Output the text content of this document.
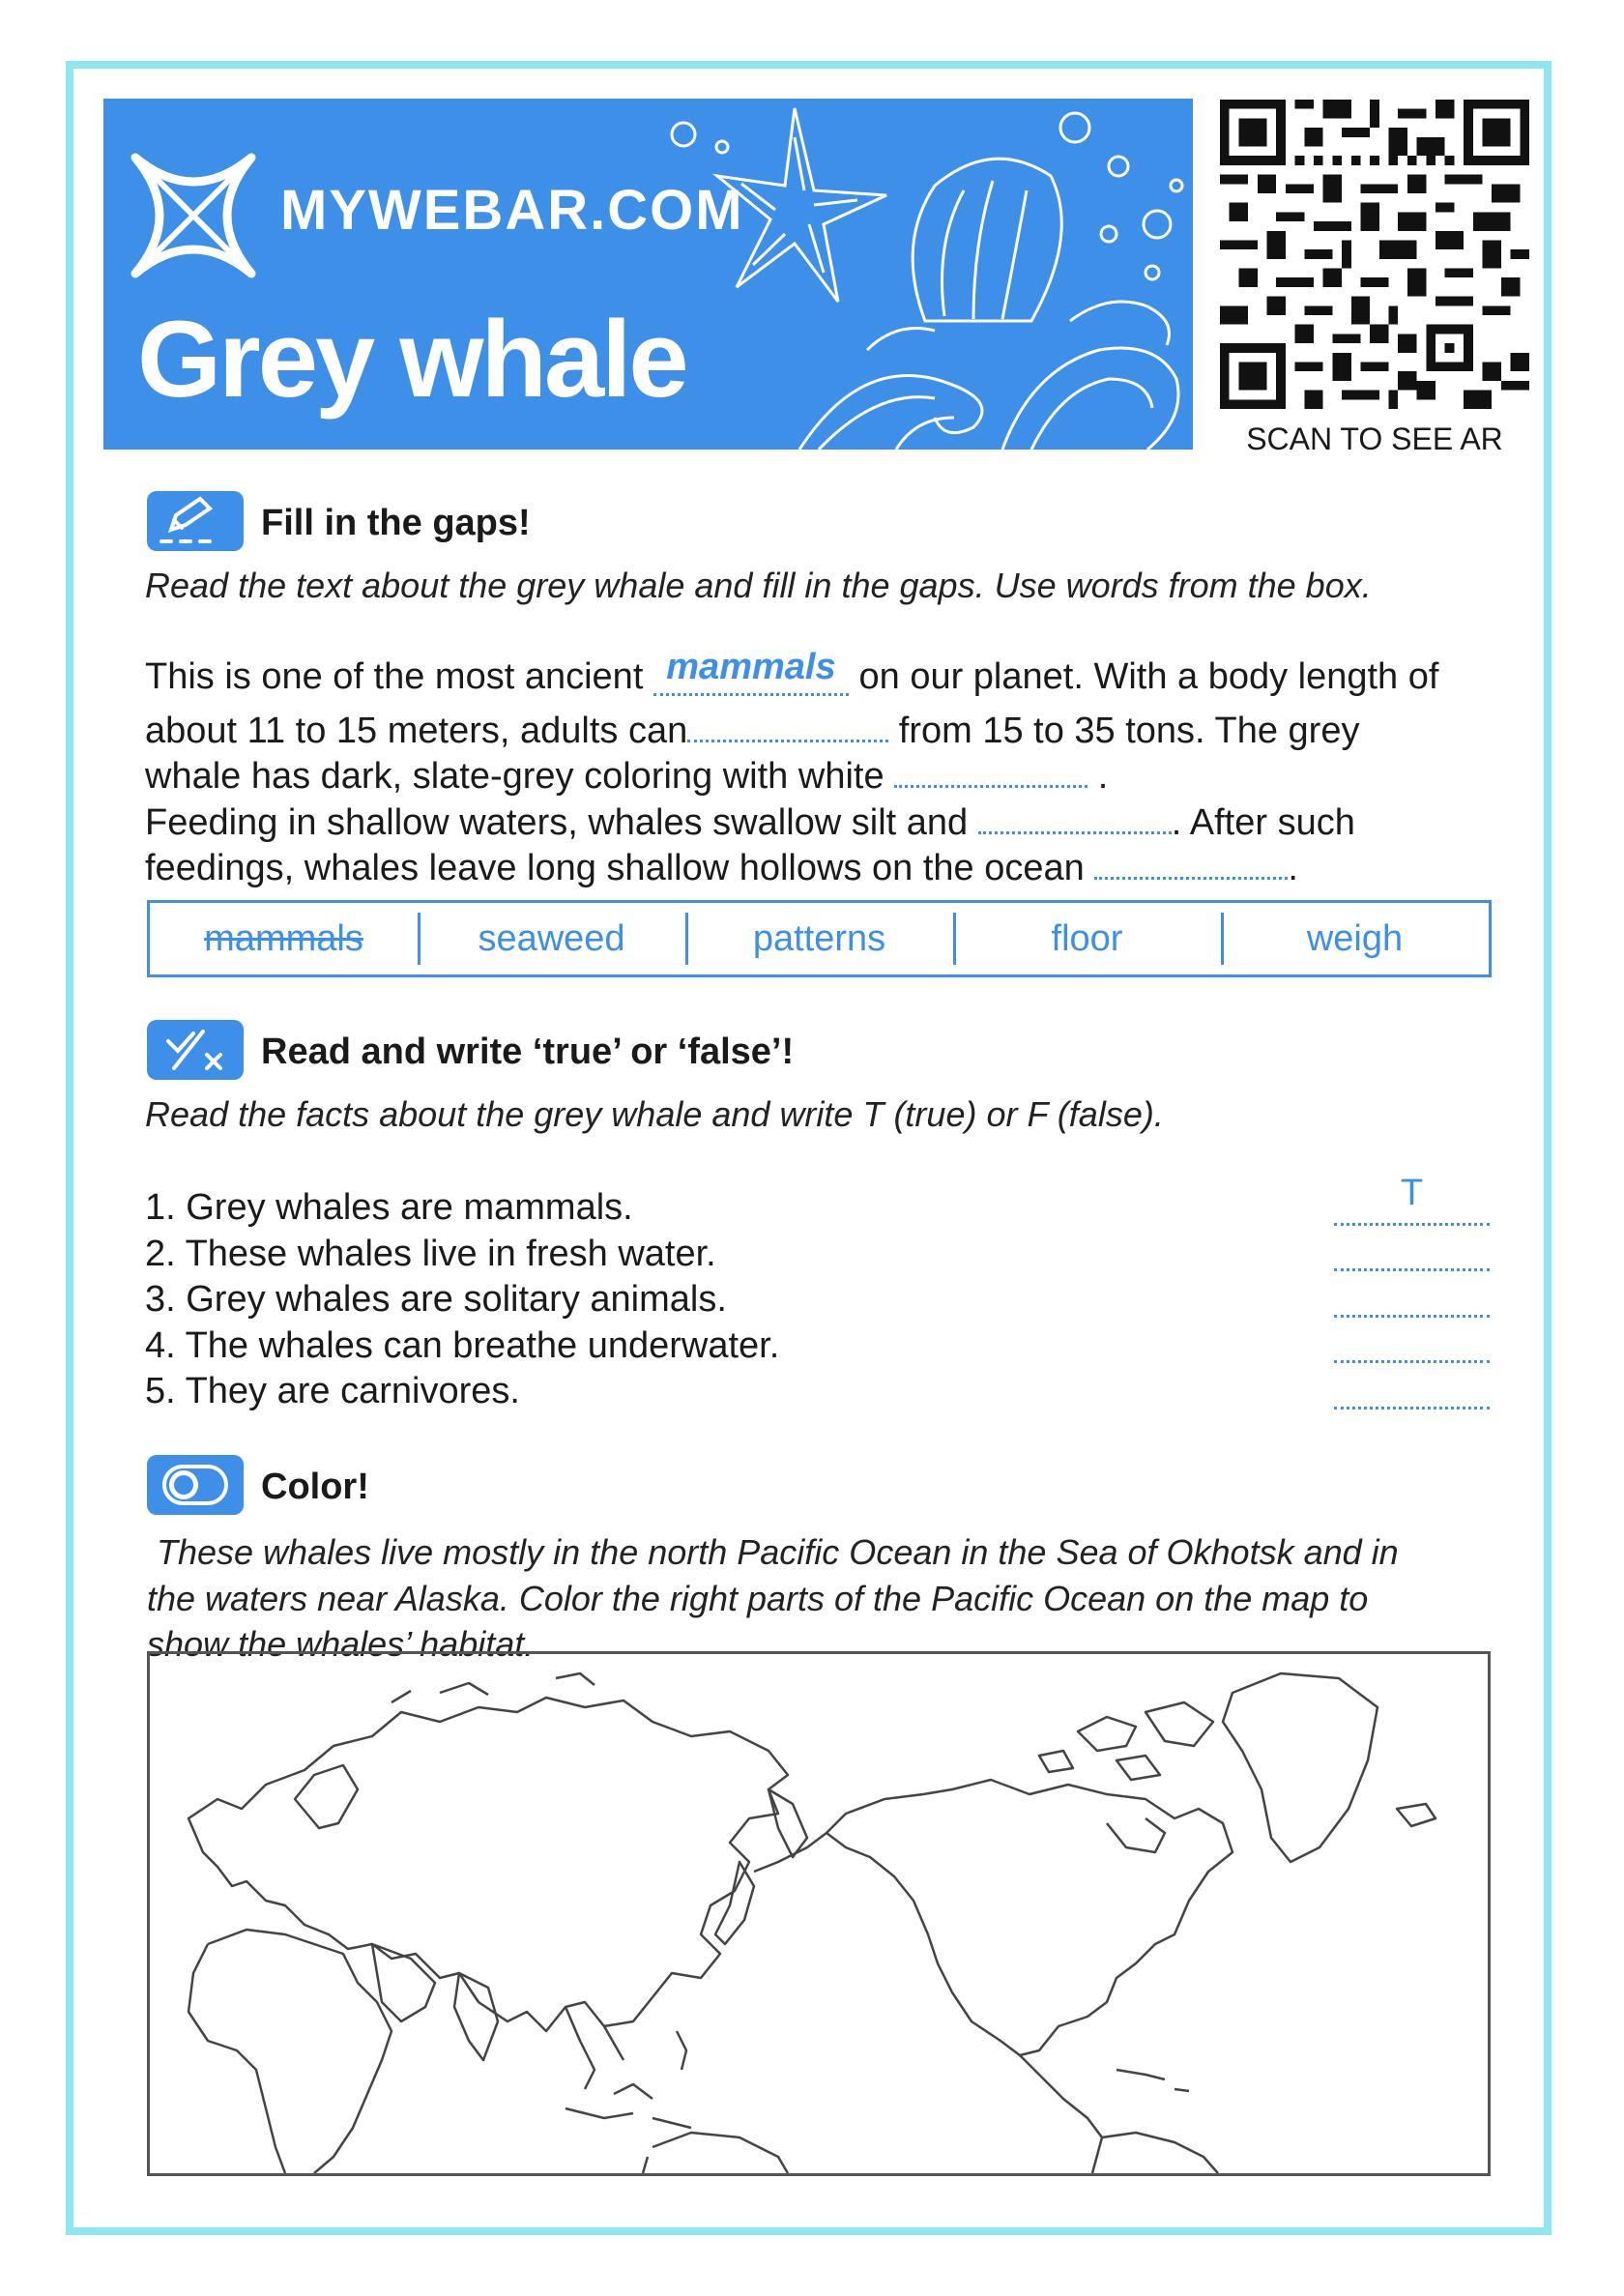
MYWEBAR.COM
Grey whale
SCAN TO SEE AR
Fill in the gaps!
Read the text about the grey whale and fill in the gaps. Use words from the box.
This is one of the most ancient mammals on our planet. With a body length of
about 11 to 15 meters, adults can	from 15 to 35 tons. The grey
whale has dark, slate-grey coloring with white	.
Feeding in shallow waters, whales swallow silt and	. After such
feedings, whales leave long shallow hollows on the ocean	.
mammals	seaweed	patterns	floor	weigh
Read and write ‘true’ or ‘false’!
Read the facts about the grey whale and write T (true) or F (false).
1. Grey whales are mammals.
2. These whales live in fresh water.
3. Grey whales are solitary animals.
4. The whales can breathe underwater.
5. They are carnivores.
T
Color!
These whales live mostly in the north Pacific Ocean in the Sea of Okhotsk and in
the waters near Alaska. Color the right parts of the Pacific Ocean on the map to
show the whales’ habitat.
